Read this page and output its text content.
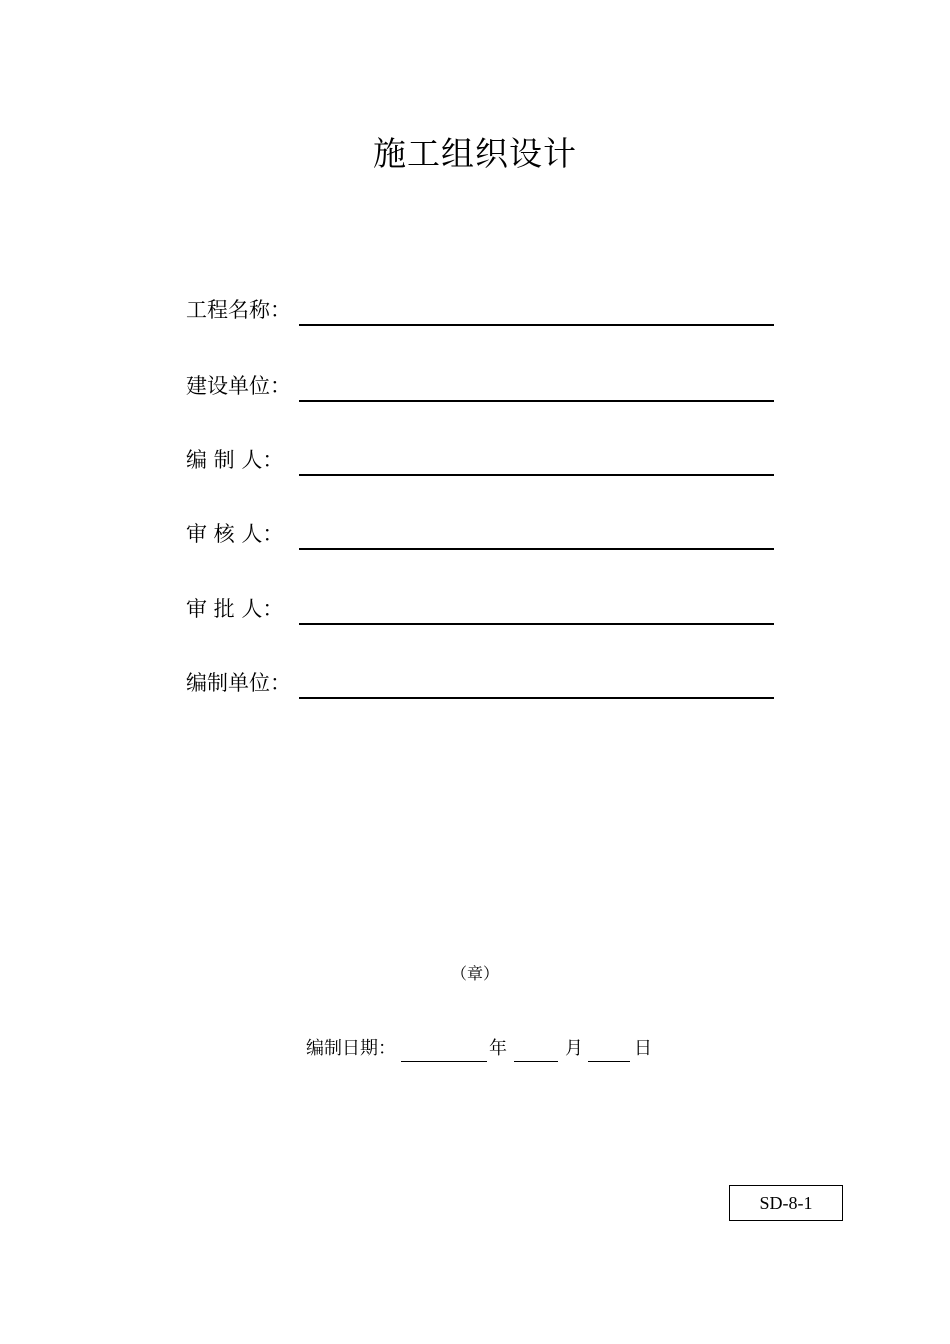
施工组织设计
工程名称：
建设单位：
编 制 人：
审 核 人：
审 批 人：
编制单位：
（章）
编制日期：	年	月	日
SD-8-1
